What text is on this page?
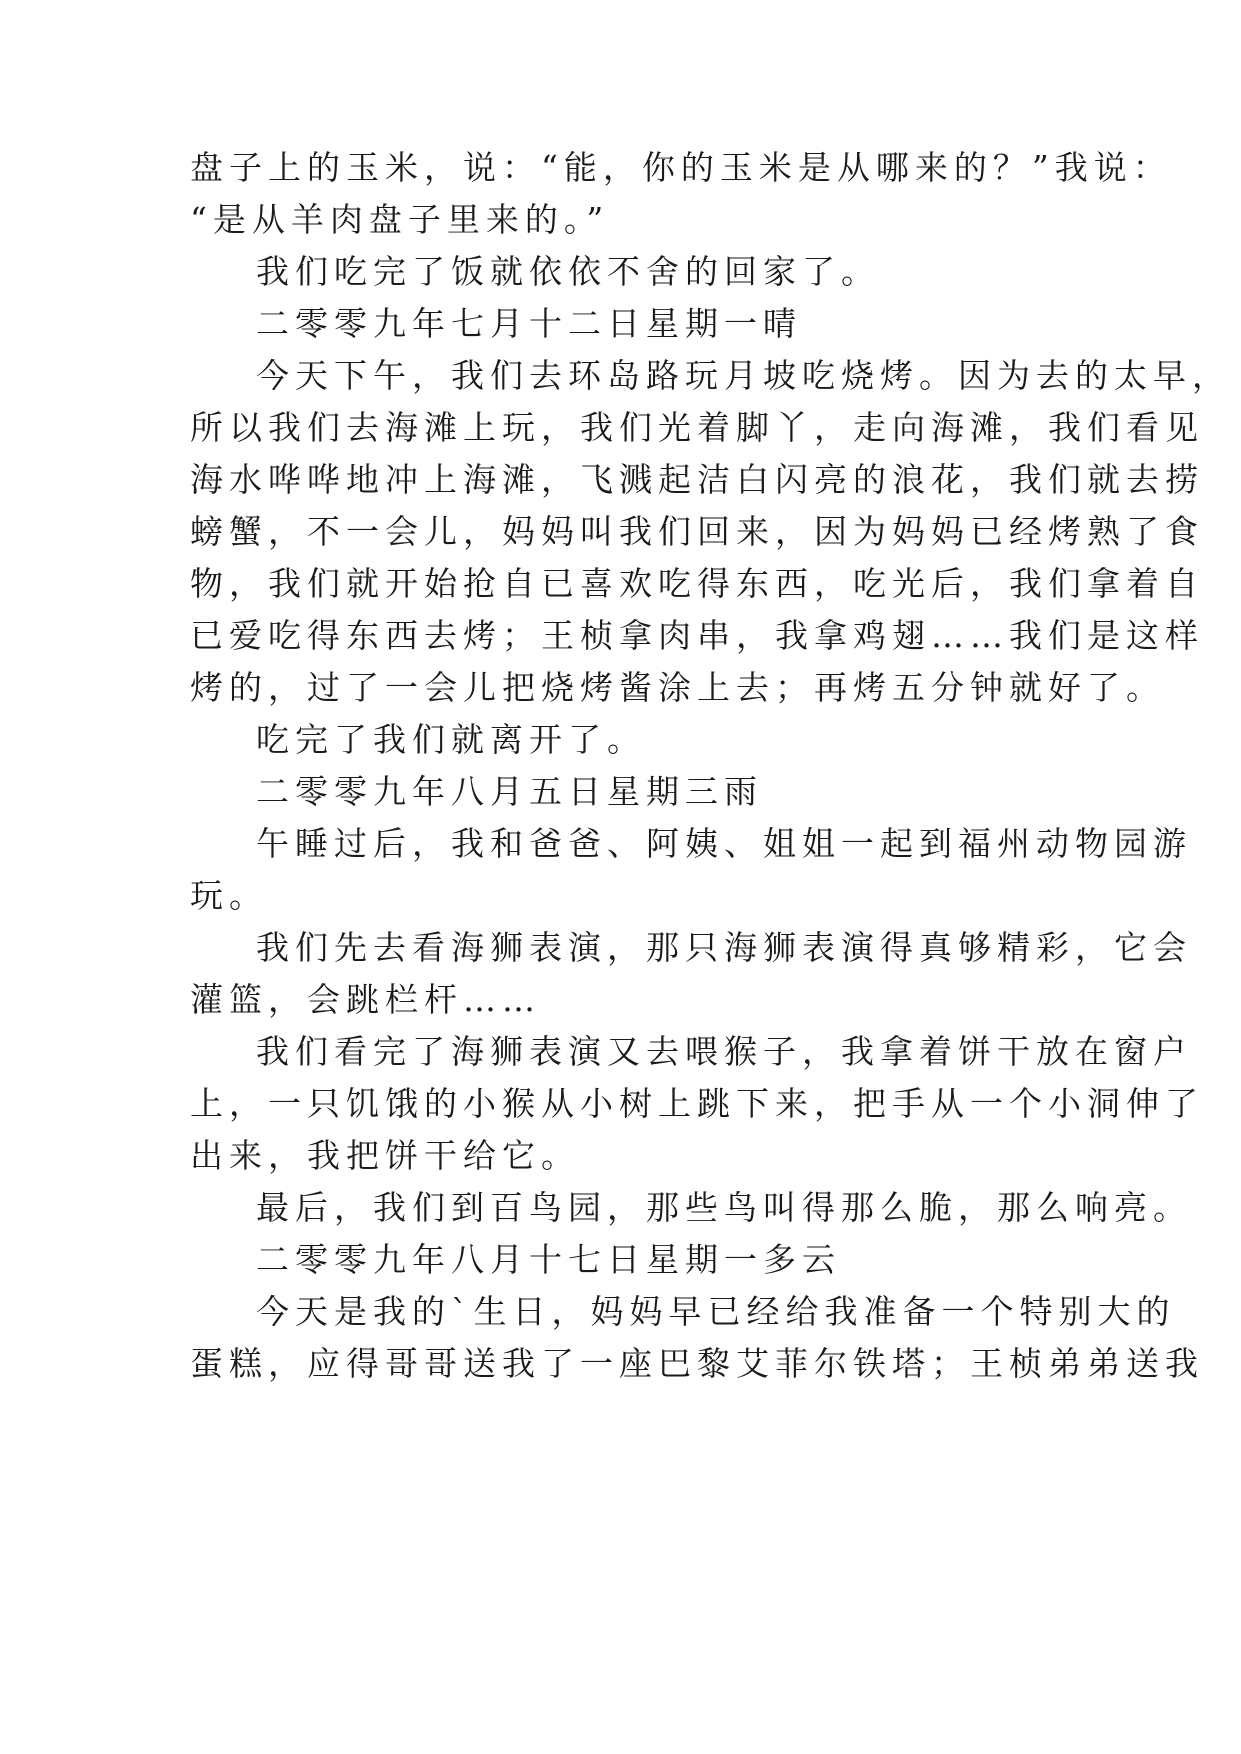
盘子上的玉米，说：“能，你的玉米是从哪来的？”我说：
“是从羊肉盘子里来的。”
我们吃完了饭就依依不舍的回家了。
二零零九年七月十二日星期一晴
今天下午，我们去环岛路玩月坡吃烧烤。因为去的太早，
所以我们去海滩上玩，我们光着脚丫，走向海滩，我们看见
海水哗哗地冲上海滩，飞溅起洁白闪亮的浪花，我们就去捞
螃蟹，不一会儿，妈妈叫我们回来，因为妈妈已经烤熟了食
物，我们就开始抢自已喜欢吃得东西，吃光后，我们拿着自
已爱吃得东西去烤；王桢拿肉串，我拿鸡翅……我们是这样
烤的，过了一会儿把烧烤酱涂上去；再烤五分钟就好了。
吃完了我们就离开了。
二零零九年八月五日星期三雨
午睡过后，我和爸爸、阿姨、姐姐一起到福州动物园游
玩。
我们先去看海狮表演，那只海狮表演得真够精彩，它会
灌篮，会跳栏杆……
我们看完了海狮表演又去喂猴子，我拿着饼干放在窗户
上，一只饥饿的小猴从小树上跳下来，把手从一个小洞伸了
出来，我把饼干给它。
最后，我们到百鸟园，那些鸟叫得那么脆，那么响亮。
二零零九年八月十七日星期一多云
今天是我的`生日，妈妈早已经给我准备一个特别大的
蛋糕，应得哥哥送我了一座巴黎艾菲尔铁塔；王桢弟弟送我
